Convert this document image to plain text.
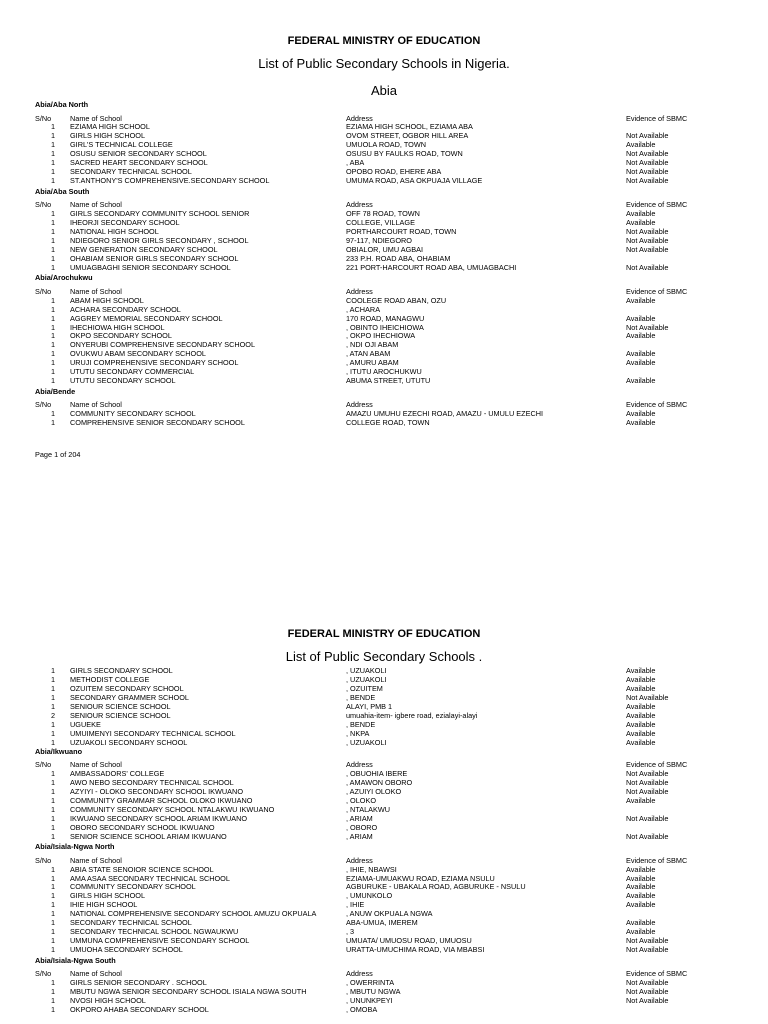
FEDERAL MINISTRY OF EDUCATION
List of Public Secondary Schools in Nigeria.
Abia
Abia/Aba North
S/No	Name of School	Address	Evidence of SBMC
1 EZIAMA HIGH SCHOOL	EZIAMA HIGH SCHOOL, EZIAMA ABA
1 GIRLS HIGH SCHOOL	OVOM STREET, OGBOR HILL AREA	Not Available
1 GIRL'S TECHNICAL COLLEGE	UMUOLA ROAD, TOWN	Available
1 OSUSU SENIOR SECONDARY SCHOOL	OSUSU BY FAULKS ROAD, TOWN	Not Available
1 SACRED HEART SECONDARY SCHOOL	, ABA	Not Available
1 SECONDARY TECHNICAL SCHOOL	OPOBO ROAD, EHERE ABA	Not Available
1 ST.ANTHONY'S COMPREHENSIVE.SECONDARY SCHOOL	UMUMA ROAD, ASA OKPUAJA VILLAGE	Not Available
Abia/Aba South
S/No	Name of School	Address	Evidence of SBMC
1 GIRLS SECONDARY COMMUNITY SCHOOL SENIOR	OFF 78 ROAD, TOWN	Available
1 IHEORJI SECONDARY SCHOOL	COLLEGE, VILLAGE	Available
1 NATIONAL HIGH SCHOOL	PORTHARCOURT ROAD, TOWN	Not Available
1 NDIEGORO SENIOR GIRLS SECONDARY , SCHOOL	97-117, NDIEGORO	Not Available
1 NEW GENERATION SECONDARY SCHOOL	OBIALOR, UMU AGBAI	Not Available
1 OHABIAM SENIOR GIRLS SECONDARY SCHOOL	233 P.H. ROAD ABA, OHABIAM
1 UMUAGBAGHI SENIOR SECONDARY SCHOOL	221 PORT-HARCOURT ROAD ABA, UMUAGBACHI	Not Available
Abia/Arochukwu
S/No	Name of School	Address	Evidence of SBMC
1 ABAM HIGH SCHOOL	COOLEGE ROAD ABAN, OZU	Available
1 ACHARA SECONDARY SCHOOL	, ACHARA
1 AGGREY MEMORIAL SECONDARY SCHOOL	170 ROAD, MANAGWU	Available
1 IHECHIOWA HIGH SCHOOL	, OBINTO IHEICHIOWA	Not Available
1 OKPO SECONDARY SCHOOL	, OKPO IHECHIOWA	Available
1 ONYERUBI COMPREHENSIVE SECONDARY SCHOOL	, NDI OJI ABAM
1 OVUKWU ABAM SECONDARY SCHOOL	, ATAN ABAM	Available
1 URUJI COMPREHENSIVE SECONDARY SCHOOL	, AMURU ABAM	Available
1 UTUTU SECONDARY COMMERCIAL	, ITUTU AROCHUKWU
1 UTUTU SECONDARY SCHOOL	ABUMA STREET, UTUTU	Available
Abia/Bende
S/No	Name of School	Address	Evidence of SBMC
1 COMMUNITY SECONDARY SCHOOL	AMAZU UMUHU EZECHI ROAD, AMAZU - UMULU EZECHI	Available
1 COMPREHENSIVE SENIOR SECONDARY SCHOOL	COLLEGE ROAD, TOWN	Available
Page 1 of 204
FEDERAL MINISTRY OF EDUCATION
List of Public Secondary Schools .
1 GIRLS SECONDARY SCHOOL	, UZUAKOLI	Available
1 METHODIST COLLEGE	, UZUAKOLI	Available
1 OZUITEM SECONDARY SCHOOL	, OZUITEM	Available
1 SECONDARY GRAMMER SCHOOL	, BENDE	Not Available
1 SENIOUR SCIENCE SCHOOL	ALAYI, PMB 1	Available
2 SENIOUR SCIENCE SCHOOL	umuahia-item- igbere road, ezialayi-alayi	Available
1 UGUEKE	, BENDE	Available
1 UMUIMENYI SECONDARY TECHNICAL SCHOOL	, NKPA	Available
1 UZUAKOLI SECONDARY SCHOOL	, UZUAKOLI	Available
Abia/Ikwuano
S/No	Name of School	Address	Evidence of SBMC
1 AMBASSADORS' COLLEGE	, OBUOHIA IBERE	Not Available
1 AWO NEBO SECONDARY TECHNICAL SCHOOL	, AMAWON OBORO	Not Available
1 AZYIYI - OLOKO SECONDARY SCHOOL IKWUANO	, AZUIYI OLOKO	Not Available
1 COMMUNITY GRAMMAR SCHOOL OLOKO IKWUANO	, OLOKO	Available
1 COMMUNITY SECONDARY SCHOOL NTALAKWU IKWUANO	, NTALAKWU
1 IKWUANO SECONDARY SCHOOL ARIAM IKWUANO	, ARIAM	Not Available
1 OBORO SECONDARY SCHOOL IKWUANO	, OBORO
1 SENIOR SCIENCE SCHOOL ARIAM IKWUANO	, ARIAM	Not Available
Abia/Isiala-Ngwa North
S/No	Name of School	Address	Evidence of SBMC
1 ABIA STATE SENOIOR SCIENCE SCHOOL	, IHIE, NBAWSI	Available
1 AMA ASAA SECONDARY TECHNICAL SCHOOL	EZIAMA-UMUAKWU ROAD, EZIAMA NSULU	Available
1 COMMUNITY SECONDARY SCHOOL	AGBURUKE - UBAKALA ROAD, AGBURUKE - NSULU	Available
1 GIRLS HIGH SCHOOL	, UMUNKOLO	Available
1 IHIE HIGH SCHOOL	, IHIE	Available
1 NATIONAL COMPREHENSIVE SECONDARY SCHOOL AMUZU OKPUALA	, ANUW OKPUALA NGWA
1 SECONDARY TECHNICAL SCHOOL	ABA-UMUA, IMEREM	Available
1 SECONDARY TECHNICAL SCHOOL NGWAUKWU	, 3	Available
1 UMMUNA COMPREHENSIVE SECONDARY SCHOOL	UMUATA/ UMUOSU ROAD, UMUOSU	Not Available
1 UMUOHA SECONDARY SCHOOL	URATTA-UMUCHIMA ROAD, VIA MBABSI	Not Available
Abia/Isiala-Ngwa South
S/No	Name of School	Address	Evidence of SBMC
1 GIRLS SENIOR SECONDARY . SCHOOL	, OWERRINTA	Not Available
1 MBUTU NGWA SENIOR SECONDARY SCHOOL ISIALA NGWA SOUTH	, MBUTU NGWA	Not Available
1 NVOSI HIGH SCHOOL	, UNUNKPEYI	Not Available
1 OKPORO AHABA SECONDARY SCHOOL	, OMOBA
